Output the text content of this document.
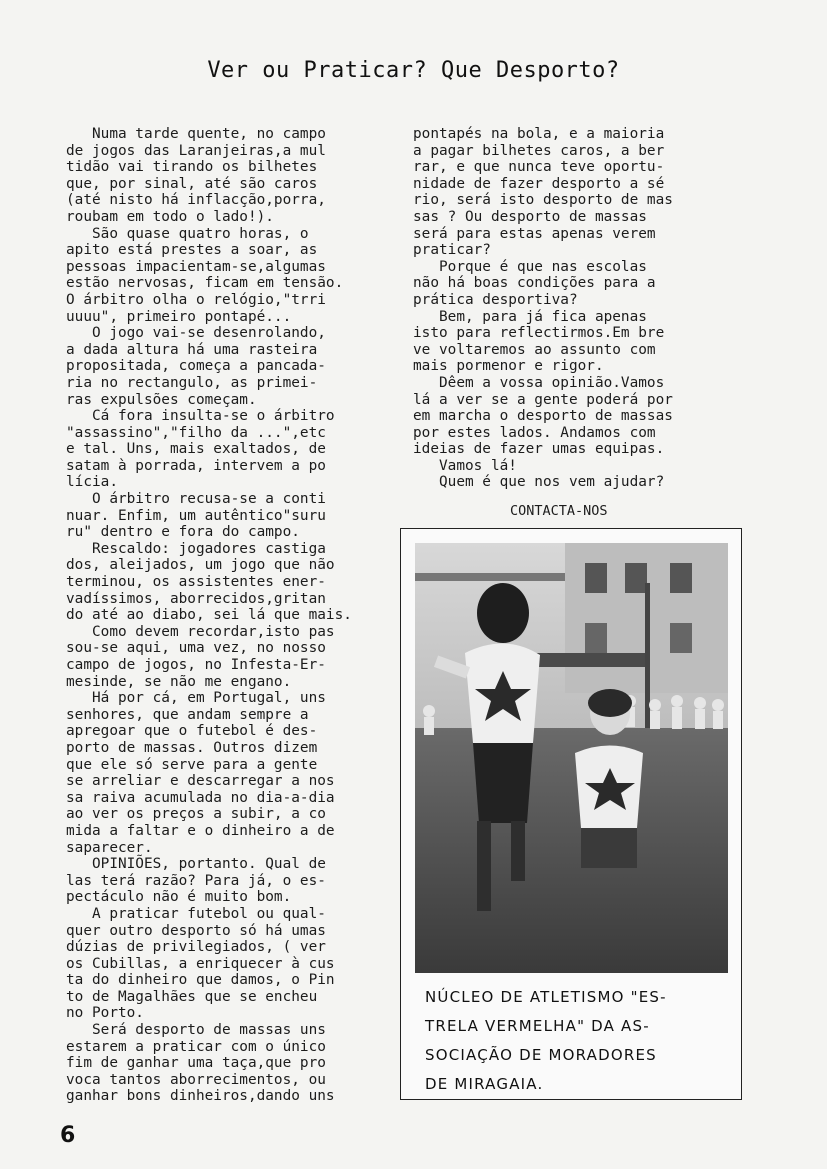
Ver ou Praticar? Que Desporto?

Numa tarde quente, no campo
de jogos das Laranjeiras,a mul
tidão vai tirando os bilhetes
que, por sinal, até são caros
(até nisto há inflacção,porra,
roubam em todo o lado!).
São quase quatro horas, o
apito está prestes a soar, as
pessoas impacientam-se,algumas
estão nervosas, ficam em tensão.
O árbitro olha o relógio,"trri
uuuu", primeiro pontapé...
O jogo vai-se desenrolando,
a dada altura há uma rasteira
propositada, começa a pancada-
ria no rectangulo, as primei-
ras expulsões começam.
Cá fora insulta-se o árbitro
"assassino","filho da ...",etc
e tal. Uns, mais exaltados, de
satam à porrada, intervem a po
lícia.
O árbitro recusa-se a conti
nuar. Enfim, um autêntico"suru
ru" dentro e fora do campo.
Rescaldo: jogadores castiga
dos, aleijados, um jogo que não
terminou, os assistentes ener-
vadíssimos, aborrecidos,gritan
do até ao diabo, sei lá que mais.
Como devem recordar,isto pas
sou-se aqui, uma vez, no nosso
campo de jogos, no Infesta-Er-
mesinde, se não me engano.
Há por cá, em Portugal, uns
senhores, que andam sempre a
apregoar que o futebol é des-
porto de massas. Outros dizem
que ele só serve para a gente
se arreliar e descarregar a nos
sa raiva acumulada no dia-a-dia
ao ver os preços a subir, a co
mida a faltar e o dinheiro a de
saparecer.
OPINIÕES, portanto. Qual de
las terá razão? Para já, o es-
pectáculo não é muito bom.
A praticar futebol ou qual-
quer outro desporto só há umas
dúzias de privilegiados, ( ver
os Cubillas, a enriquecer à cus
ta do dinheiro que damos, o Pin
to de Magalhães que se encheu
no Porto.
Será desporto de massas uns
estarem a praticar com o único
fim de ganhar uma taça,que pro
voca tantos aborrecimentos, ou
ganhar bons dinheiros,dando uns

pontapés na bola, e a maioria
a pagar bilhetes caros, a ber
rar, e que nunca teve oportu-
nidade de fazer desporto a sé
rio, será isto desporto de mas
sas ? Ou desporto de massas
será para estas apenas verem
praticar?
Porque é que nas escolas
não há boas condições para a
prática desportiva?
Bem, para já fica apenas
isto para reflectirmos.Em bre
ve voltaremos ao assunto com
mais pormenor e rigor.
Dêem a vossa opinião.Vamos
lá a ver se a gente poderá por
em marcha o desporto de massas
por estes lados. Andamos com
ideias de fazer umas equipas.
Vamos lá!
Quem é que nos vem ajudar?

CONTACTA-NOS
NÚCLEO DE ATLETISMO "ES-
TRELA VERMELHA" DA AS-
SOCIAÇÃO DE MORADORES
DE MIRAGAIA.
6
